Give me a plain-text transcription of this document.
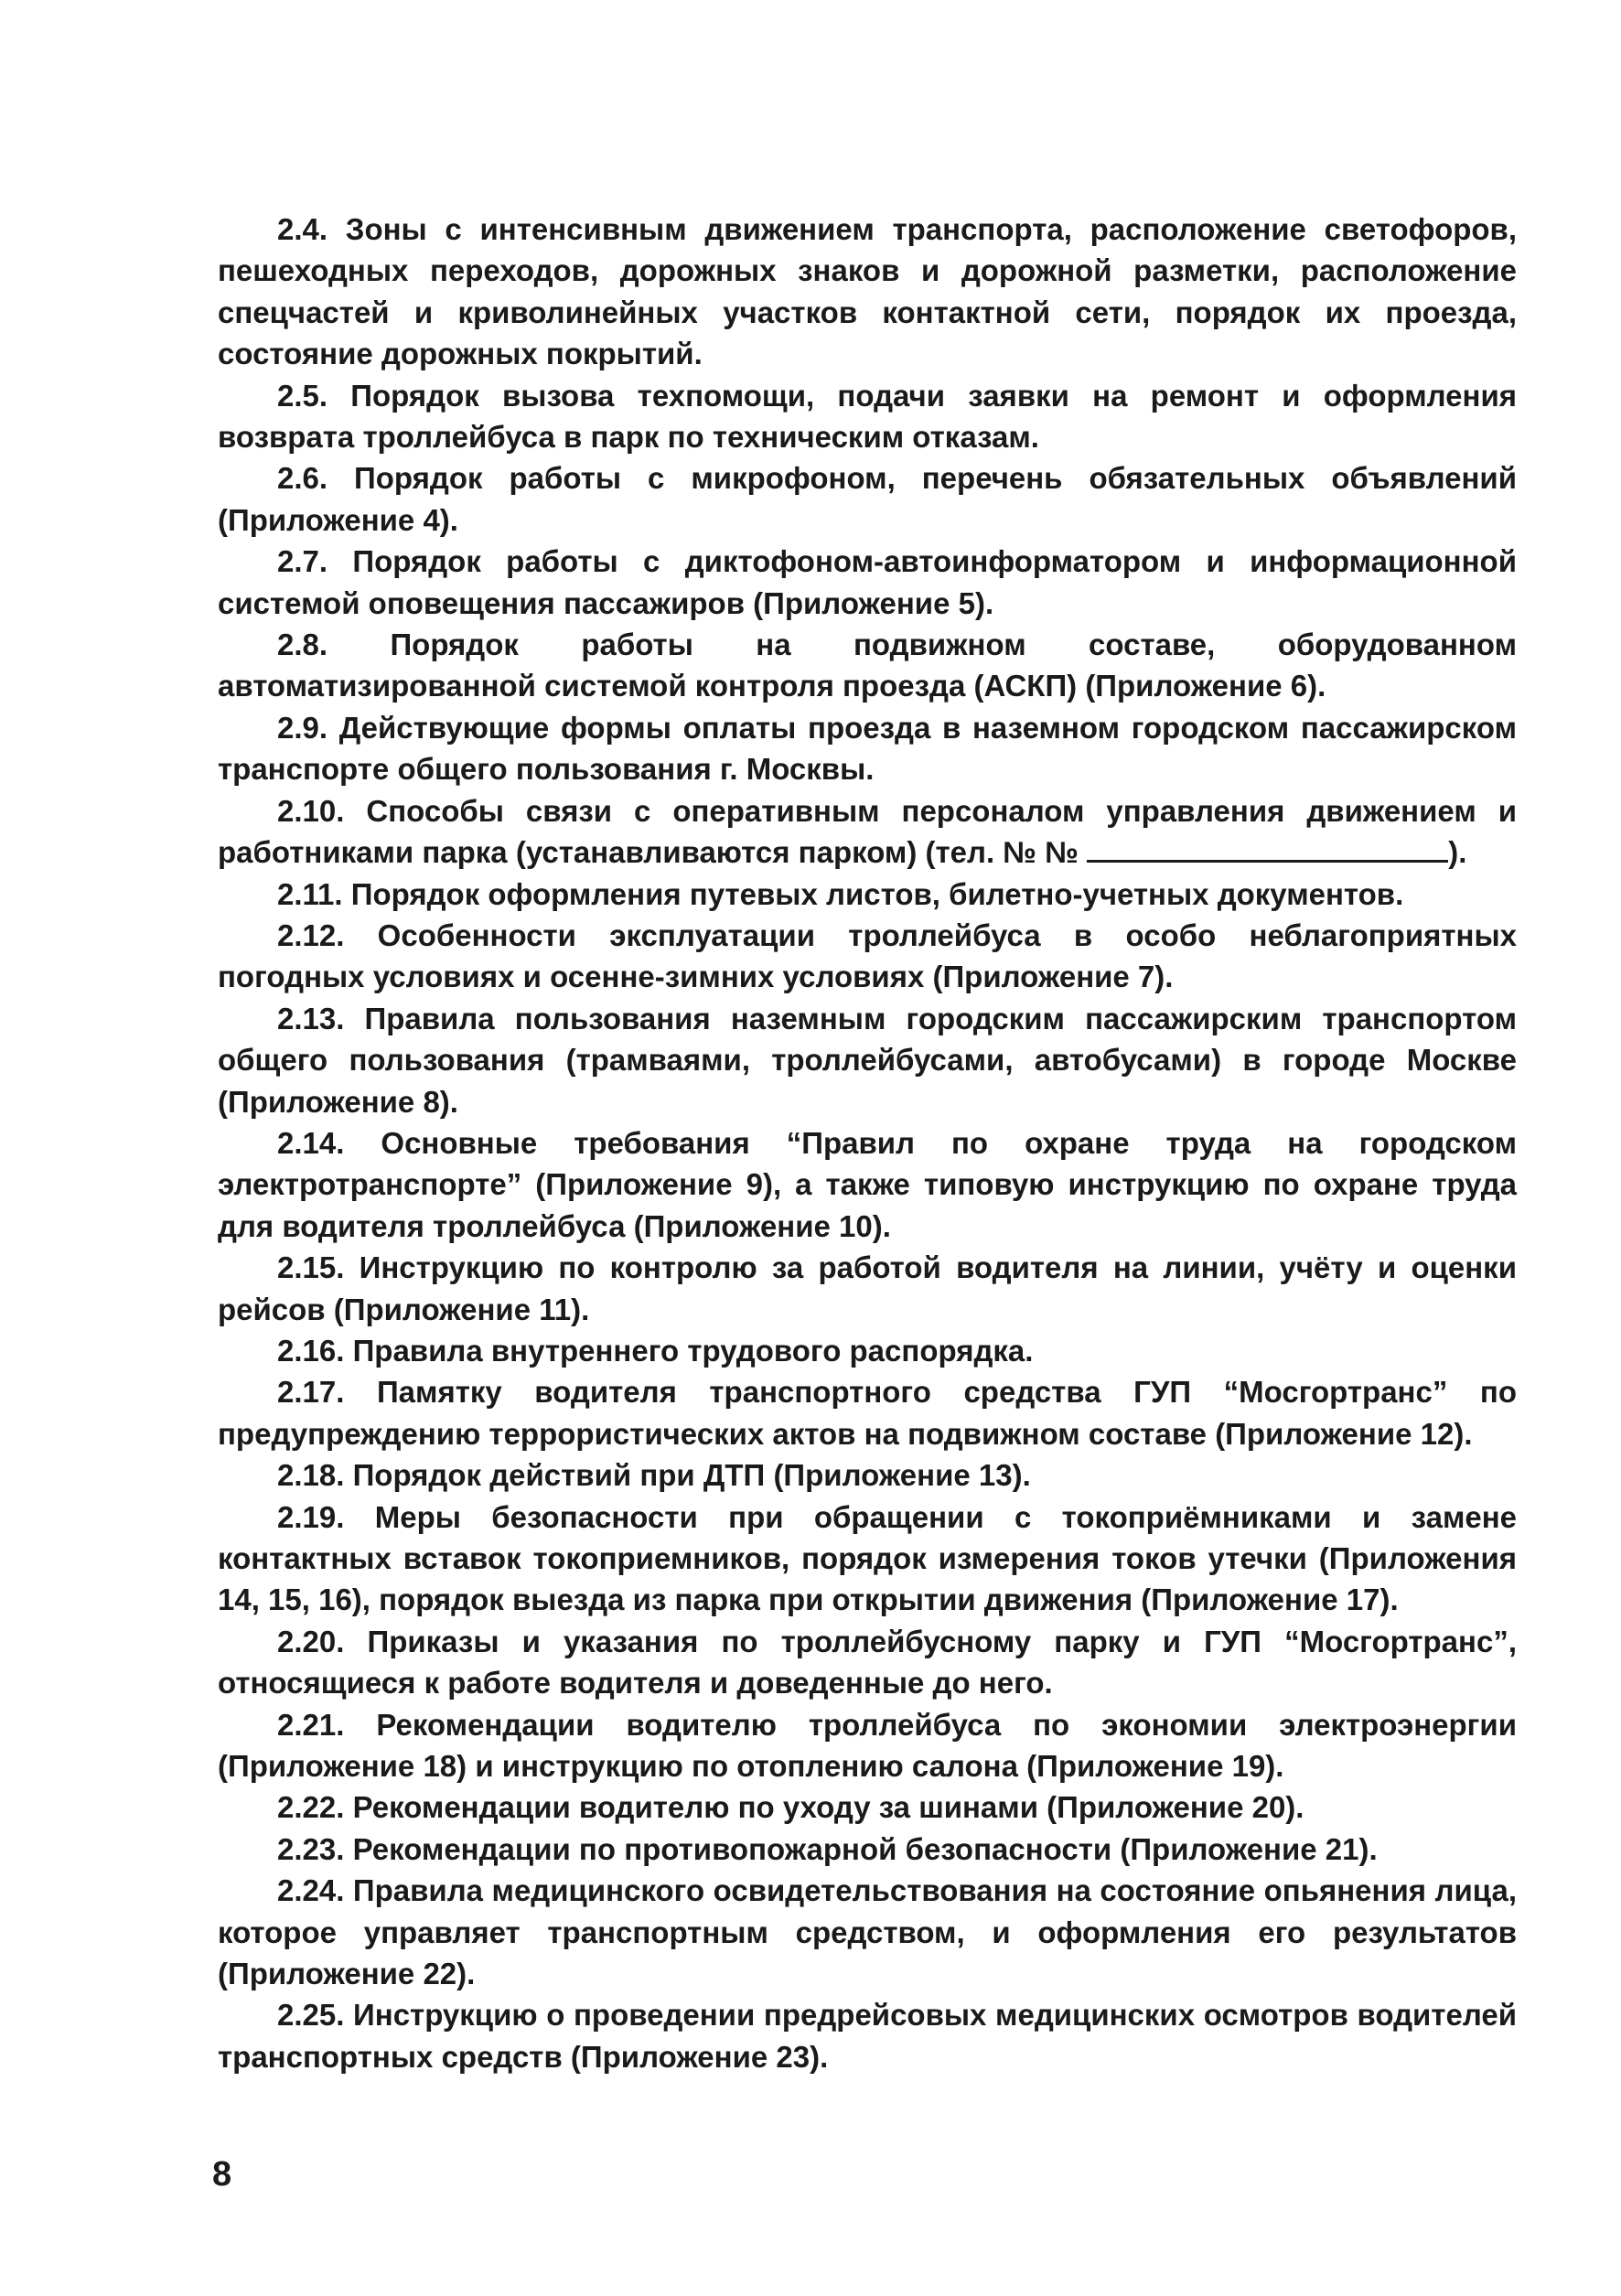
2.4. Зоны с интенсивным движением транспорта, расположение светофоров, пешеходных переходов, дорожных знаков и дорожной разметки, расположение спецчастей и криволинейных участков контактной сети, порядок их проезда, состояние дорожных покрытий.

2.5. Порядок вызова техпомощи, подачи заявки на ремонт и оформления возврата троллейбуса в парк по техническим отказам.

2.6. Порядок работы с микрофоном, перечень обязательных объявлений (Приложение 4).

2.7. Порядок работы с диктофоном-автоинформатором и информационной системой оповещения пассажиров (Приложение 5).

2.8. Порядок работы на подвижном составе, оборудованном автоматизированной системой контроля проезда (АСКП) (Приложение 6).

2.9. Действующие формы оплаты проезда в наземном городском пассажирском транспорте общего пользования г. Москвы.

2.10. Способы связи с оперативным персоналом управления движением и работниками парка (устанавливаются парком) (тел. № №	).

2.11. Порядок оформления путевых листов, билетно-учетных документов.

2.12. Особенности эксплуатации троллейбуса в особо неблагоприятных погодных условиях и осенне-зимних условиях (Приложение 7).

2.13. Правила пользования наземным городским пассажирским транспортом общего пользования (трамваями, троллейбусами, автобусами) в городе Москве (Приложение 8).

2.14. Основные требования “Правил по охране труда на городском электротранспорте” (Приложение 9), а также типовую инструкцию по охране труда для водителя троллейбуса (Приложение 10).

2.15. Инструкцию по контролю за работой водителя на линии, учёту и оценки рейсов (Приложение 11).

2.16. Правила внутреннего трудового распорядка.

2.17. Памятку водителя транспортного средства ГУП “Мосгортранс” по предупреждению террористических актов на подвижном составе (Приложение 12).

2.18. Порядок действий при ДТП (Приложение 13).

2.19. Меры безопасности при обращении с токоприёмниками и замене контактных вставок токоприемников, порядок измерения токов утечки (Приложения 14, 15, 16), порядок выезда из парка при открытии движения (Приложение 17).

2.20. Приказы и указания по троллейбусному парку и ГУП “Мосгортранс”, относящиеся к работе водителя и доведенные до него.

2.21. Рекомендации водителю троллейбуса по экономии электроэнергии (Приложение 18) и инструкцию по отоплению салона (Приложение 19).

2.22. Рекомендации водителю по уходу за шинами (Приложение 20).

2.23. Рекомендации по противопожарной безопасности (Приложение 21).

2.24. Правила медицинского освидетельствования на состояние опьянения лица, которое управляет транспортным средством, и оформления его результатов (Приложение 22).

2.25. Инструкцию о проведении предрейсовых медицинских осмотров водителей транспортных средств (Приложение 23).

8
